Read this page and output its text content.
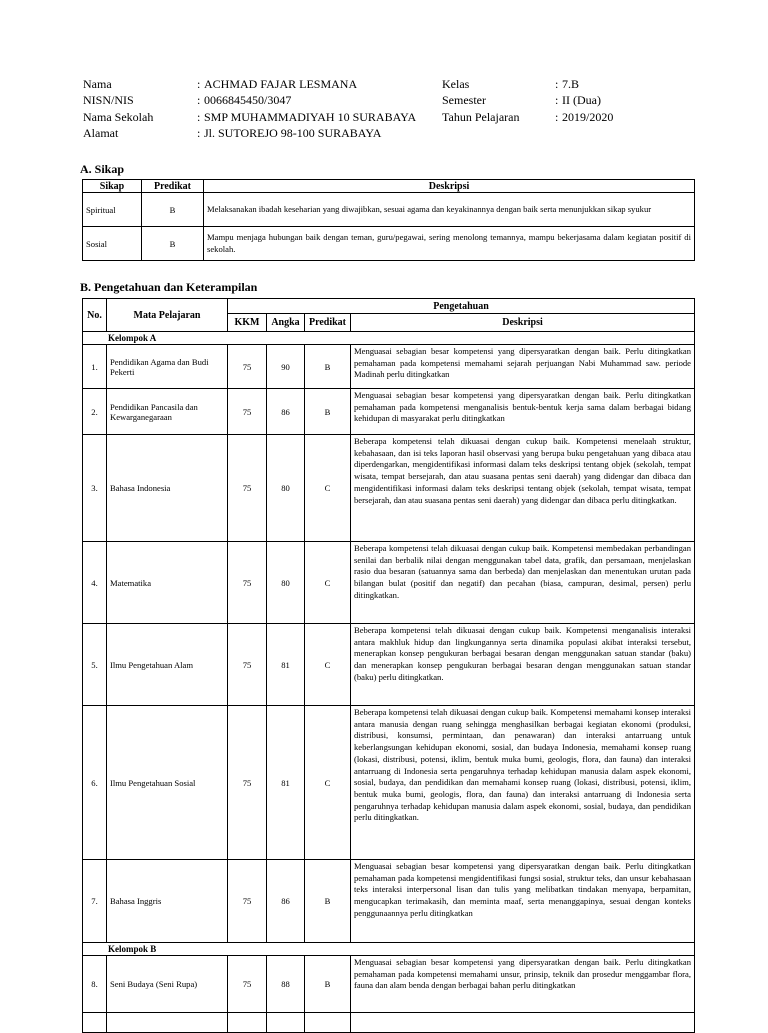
Nama	: ACHMAD FAJAR LESMANA	Kelas	: 7.B
NISN/NIS	: 0066845450/3047	Semester	: II (Dua)
Nama Sekolah	: SMP MUHAMMADIYAH 10 SURABAYA Tahun Pelajaran	: 2019/2020
Alamat	: Jl. SUTOREJO 98-100 SURABAYA
A. Sikap
Sikap	Predikat	Deskripsi
Spiritual	B	Melaksanakan ibadah keseharian yang diwajibkan, sesuai agama dan keyakinannya dengan baik serta menunjukkan sikap syukur
Sosial	B	Mampu menjaga hubungan baik dengan teman, guru/pegawai, sering menolong temannya, mampu bekerjasama dalam kegiatan positif di sekolah.
B. Pengetahuan dan Keterampilan
No.	Mata Pelajaran	Pengetahuan			
		KKM	Angka	Predikat	Deskripsi
Kelompok A					
1.	Pendidikan Agama dan Budi Pekerti	75	90	B	Menguasai sebagian besar kompetensi yang dipersyaratkan dengan baik. Perlu ditingkatkan pemahaman pada kompetensi memahami sejarah perjuangan Nabi Muhammad saw. periode Madinah perlu ditingkatkan
2.	Pendidikan Pancasila dan Kewarganegaraan	75	86	B	Menguasai sebagian besar kompetensi yang dipersyaratkan dengan baik. Perlu ditingkatkan pemahaman pada kompetensi menganalisis bentuk-bentuk kerja sama dalam berbagai bidang kehidupan di masyarakat perlu ditingkatkan
3.	Bahasa Indonesia	75	80	C	Beberapa kompetensi telah dikuasai dengan cukup baik. Kompetensi menelaah struktur, kebahasaan, dan isi teks laporan hasil observasi yang berupa buku pengetahuan yang dibaca atau diperdengarkan, mengidentifikasi informasi dalam teks deskripsi tentang objek (sekolah, tempat wisata, tempat bersejarah, dan atau suasana pentas seni daerah) yang didengar dan dibaca dan mengidentifikasi informasi dalam teks deskripsi tentang objek (sekolah, tempat wisata, tempat bersejarah, dan atau suasana pentas seni daerah) yang didengar dan dibaca perlu ditingkatkan.
4.	Matematika	75	80	C	Beberapa kompetensi telah dikuasai dengan cukup baik. Kompetensi membedakan perbandingan senilai dan berbalik nilai dengan menggunakan tabel data, grafik, dan persamaan, menjelaskan rasio dua besaran (satuannya sama dan berbeda) dan menjelaskan dan menentukan urutan pada bilangan bulat (positif dan negatif) dan pecahan (biasa, campuran, desimal, persen) perlu ditingkatkan.
5.	Ilmu Pengetahuan Alam	75	81	C	Beberapa kompetensi telah dikuasai dengan cukup baik. Kompetensi menganalisis interaksi antara makhluk hidup dan lingkungannya serta dinamika populasi akibat interaksi tersebut, menerapkan konsep pengukuran berbagai besaran dengan menggunakan satuan standar (baku) dan menerapkan konsep pengukuran berbagai besaran dengan menggunakan satuan standar (baku) perlu ditingkatkan.
6.	Ilmu Pengetahuan Sosial	75	81	C	Beberapa kompetensi telah dikuasai dengan cukup baik. Kompetensi memahami konsep interaksi antara manusia dengan ruang sehingga menghasilkan berbagai kegiatan ekonomi (produksi, distribusi, konsumsi, permintaan, dan penawaran) dan interaksi antarruang untuk keberlangsungan kehidupan ekonomi, sosial, dan budaya Indonesia, memahami konsep ruang (lokasi, distribusi, potensi, iklim, bentuk muka bumi, geologis, flora, dan fauna) dan interaksi antarruang di Indonesia serta pengaruhnya terhadap kehidupan manusia dalam aspek ekonomi, sosial, budaya, dan pendidikan dan memahami konsep ruang (lokasi, distribusi, potensi, iklim, bentuk muka bumi, geologis, flora, dan fauna) dan interaksi antarruang di Indonesia serta pengaruhnya terhadap kehidupan manusia dalam aspek ekonomi, sosial, budaya, dan pendidikan perlu ditingkatkan.
7.	Bahasa Inggris	75	86	B	Menguasai sebagian besar kompetensi yang dipersyaratkan dengan baik. Perlu ditingkatkan pemahaman pada kompetensi mengidentifikasi fungsi sosial, struktur teks, dan unsur kebahasaan teks interaksi interpersonal lisan dan tulis yang melibatkan tindakan menyapa, berpamitan, mengucapkan terimakasih, dan meminta maaf, serta menanggapinya, sesuai dengan konteks penggunaannya perlu ditingkatkan
Kelompok B					
8.	Seni Budaya (Seni Rupa)	75	88	B	Menguasai sebagian besar kompetensi yang dipersyaratkan dengan baik. Perlu ditingkatkan pemahaman pada kompetensi memahami unsur, prinsip, teknik dan prosedur menggambar flora, fauna dan alam benda dengan berbagai bahan perlu ditingkatkan
